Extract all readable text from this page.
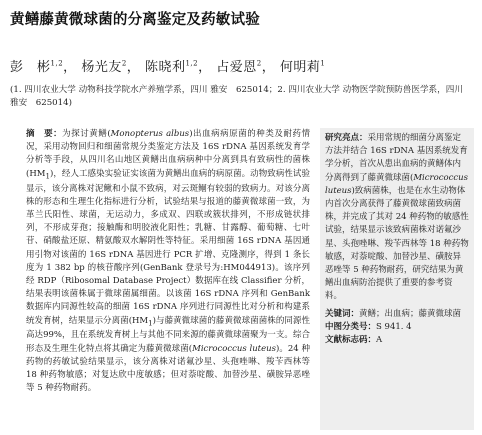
黄鳝藤黄微球菌的分离鉴定及药敏试验
彭　彬$^{1,2}$， 杨光友$^2$， 陈晓利$^{1,2}$， 占爱恩$^2$， 何明莉$^1$
(1. 四川农业大学 动物科技学院水产养殖学系，四川 雅安　625014；2. 四川农业大学 动物医学院预防兽医学系，四川 雅安　625014)
摘　要：为探讨黄鳝(Monopterus albus)出血病病原菌的种类及耐药情况，采用动物回归和细菌常规分类鉴定方法及 16S rDNA 基因系统发育学分析等手段，从四川名山地区黄鳝出血病病种中分离到具有致病性的菌株$(HM_1)$，经人工感染实验证实该菌为黄鳝出血病的病原菌。动物致病性试验显示，该分离株对泥鳅和小鼠不致病，对云斑鲴有较弱的致病力。对该分离株的形态和生理生化指标进行分析，试验结果与报道的藤黄微球菌一致，为革兰氏阳性、球菌，无运动力，多成双、四联或簇状排列，不形成链状排列，不形成芽孢；接触酶和明胶液化阳性；乳糖、甘露醇、葡萄糖、七叶苷、硝酸盐还原、精氨酸双水解阴性等特征。采用细菌 16S rDNA 基因通用引物对该菌的 16S rDNA 基因进行 PCR 扩增、克隆测序，得到 1 条长度为 1 382 bp 的核苷酸序列(GenBank 登录号为:HM044913)。该序列经 RDP（Ribosomal Database Project）数据库在线 Classifier 分析，结果表明该菌株属于微球菌属细菌。以该菌 16S rDNA 序列和 GenBank 数据库内同源性较高的细菌 16S rDNA 序列进行同源性比对分析和构建系统发育树，结果显示分离菌$(HM_1)$与藤黄微球菌的藤黄微球菌菌株的同源性高达99%，且在系统发育树上与其他不同来源的藤黄微球菌聚为一支。综合形态及生理生化特点将其确定为藤黄微球菌(Micrococcus luteus)。24 种药物的药敏试验结果显示，该分离株对诺氟沙星、头孢唑啉、羧苄西林等 18 种药物敏感；对复达欣中度敏感；但对萘啶酸、加替沙星、磺胺异恶唑等 5 种药物耐药。
研究亮点：采用常规的细菌分离鉴定方法并结合 16S rDNA 基因系统发育学分析，首次从患出血病的黄鳝体内分离得到了藤黄微球菌(Micrococcus luteus)致病菌株，也是在水生动物体内首次分离获得了藤黄微球菌致病菌株，并完成了其对 24 种药物的敏感性试验，结果显示该致病菌株对诺氟沙星、头孢唑啉、羧苄西林等 18 种药物敏感，对萘啶酸、加替沙星、磺胺异恶唑等 5 种药物耐药，研究结果为黄鳝出血病防治提供了重要的参考资料。
关键词：黄鳝；出血病；藤黄微球菌
中图分类号：S 941. 4
文献标志码：A
